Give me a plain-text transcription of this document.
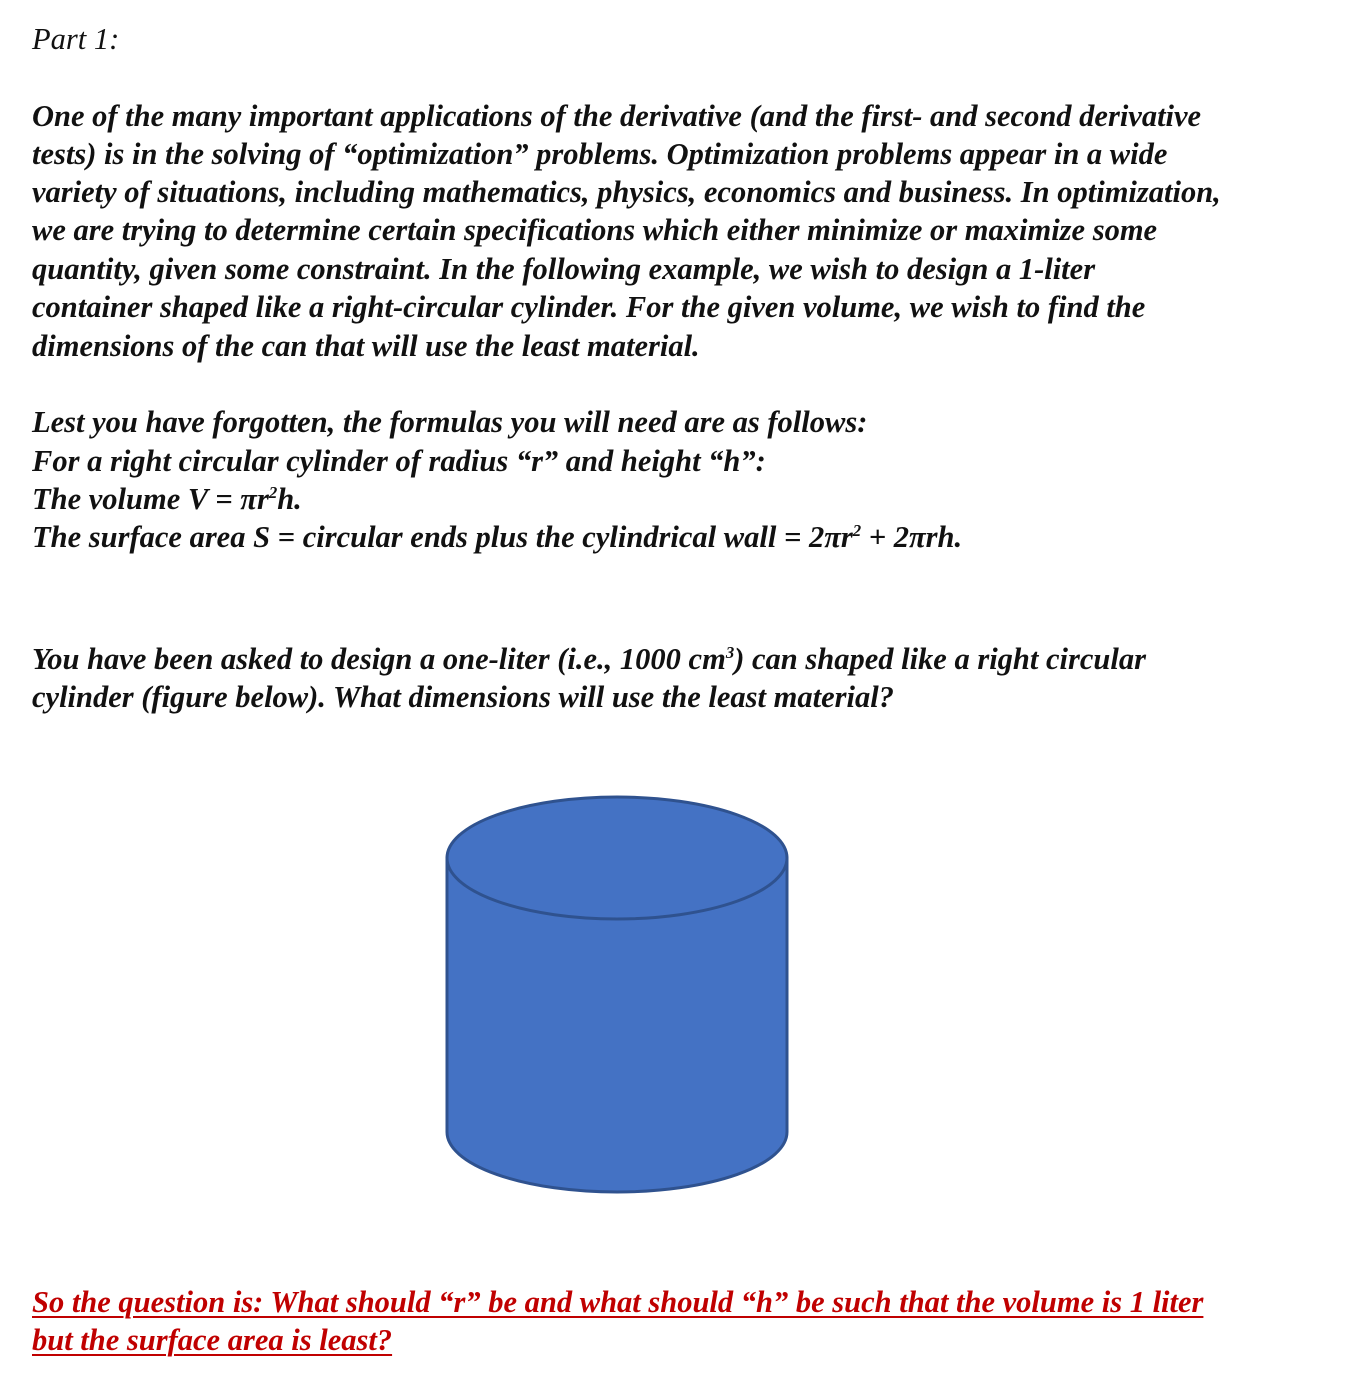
Part 1:
One of the many important applications of the derivative (and the first- and second derivative
tests) is in the solving of “optimization” problems. Optimization problems appear in a wide
variety of situations, including mathematics, physics, economics and business. In optimization,
we are trying to determine certain specifications which either minimize or maximize some
quantity, given some constraint. In the following example, we wish to design a 1-liter
container shaped like a right-circular cylinder. For the given volume, we wish to find the
dimensions of the can that will use the least material.
Lest you have forgotten, the formulas you will need are as follows:
For a right circular cylinder of radius “r” and height “h”:
The volume $V = \pi r^2h$.
The surface area S = circular ends plus the cylindrical wall = $2\pi r^2 + 2\pi rh$.
You have been asked to design a one-liter (i.e., 1000 $cm^3$) can shaped like a right circular
cylinder (figure below). What dimensions will use the least material?
So the question is: What should “r” be and what should “h” be such that the volume is 1 liter
but the surface area is least?
